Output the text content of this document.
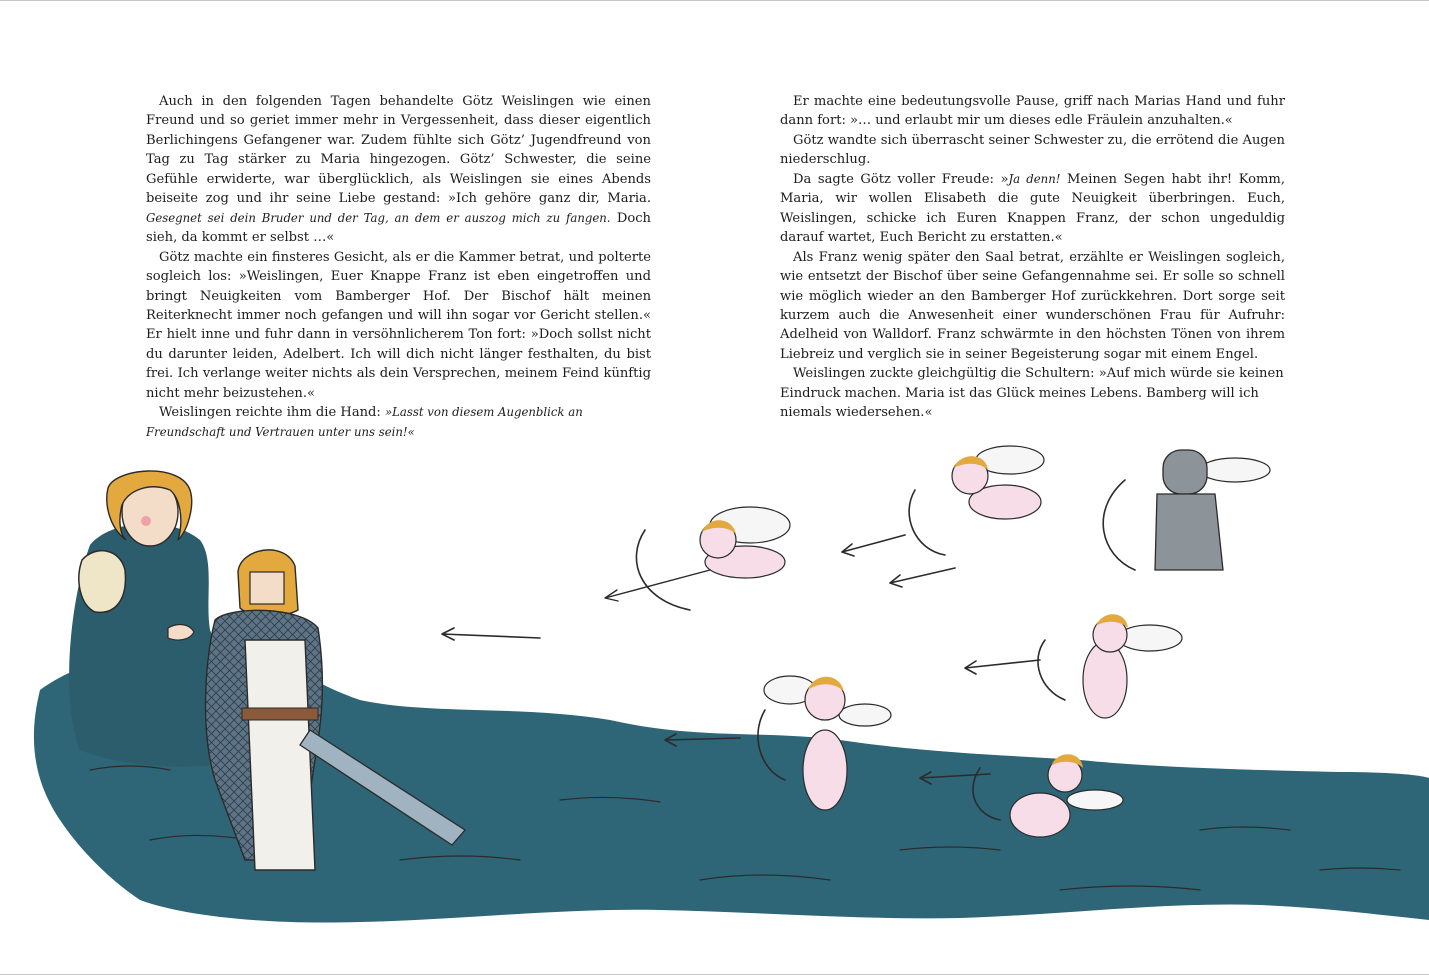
Auch in den folgenden Tagen behandelte Götz Weislingen wie einen Freund und so geriet immer mehr in Vergessenheit, dass dieser eigentlich Berlichingens Gefangener war. Zudem fühlte sich Götz’ Jugendfreund von Tag zu Tag stärker zu Maria hingezogen. Götz’ Schwester, die seine Gefühle erwiderte, war überglücklich, als Weislingen sie eines Abends beiseite zog und ihr seine Liebe gestand: »Ich gehöre ganz dir, Maria. Gesegnet sei dein Bruder und der Tag, an dem er auszog mich zu fangen. Doch sieh, da kommt er selbst …«

Götz machte ein finsteres Gesicht, als er die Kammer betrat, und polterte sogleich los: »Weislingen, Euer Knappe Franz ist eben eingetroffen und bringt Neuigkeiten vom Bamberger Hof. Der Bischof hält meinen Reiterknecht immer noch gefangen und will ihn sogar vor Gericht stellen.« Er hielt inne und fuhr dann in versöhnlicherem Ton fort: »Doch sollst nicht du darunter leiden, Adelbert. Ich will dich nicht länger festhalten, du bist frei. Ich verlange weiter nichts als dein Versprechen, meinem Feind künftig nicht mehr beizustehen.«

Weislingen reichte ihm die Hand: »Lasst von diesem Augenblick an Freundschaft und Vertrauen unter uns sein!«

Er machte eine bedeutungsvolle Pause, griff nach Marias Hand und fuhr dann fort: »… und erlaubt mir um dieses edle Fräulein anzuhalten.«

Götz wandte sich überrascht seiner Schwester zu, die errötend die Augen niederschlug.

Da sagte Götz voller Freude: »Ja denn! Meinen Segen habt ihr! Komm, Maria, wir wollen Elisabeth die gute Neuigkeit überbringen. Euch, Weislingen, schicke ich Euren Knappen Franz, der schon ungeduldig darauf wartet, Euch Bericht zu erstatten.«

Als Franz wenig später den Saal betrat, erzählte er Weislingen sogleich, wie entsetzt der Bischof über seine Gefangennahme sei. Er solle so schnell wie möglich wieder an den Bamberger Hof zurückkehren. Dort sorge seit kurzem auch die Anwesenheit einer wunderschönen Frau für Aufruhr: Adelheid von Walldorf. Franz schwärmte in den höchsten Tönen von ihrem Liebreiz und verglich sie in seiner Begeisterung sogar mit einem Engel.

Weislingen zuckte gleichgültig die Schultern: »Auf mich würde sie keinen Eindruck machen. Maria ist das Glück meines Lebens. Bamberg will ich niemals wiedersehen.«
